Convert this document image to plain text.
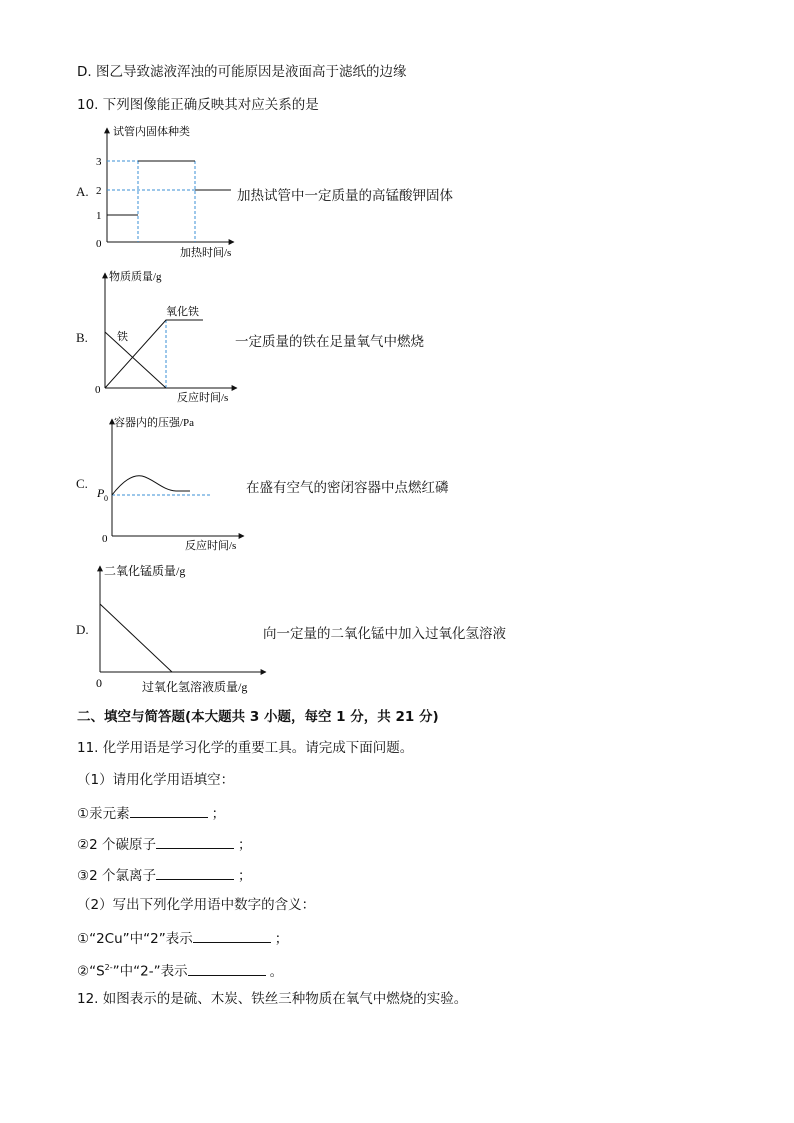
D. 图乙导致滤液浑浊的可能原因是液面高于滤纸的边缘
10. 下列图像能正确反映其对应关系的是
A.
试管内固体种类
加热时间/s
0
1
2
3
加热试管中一定质量的高锰酸钾固体
B.
物质质量/g
反应时间/s
0
铁
氧化铁
一定质量的铁在足量氧气中燃烧
C.
容器内的压强/Pa
反应时间/s
0
P 0
在盛有空气的密闭容器中点燃红磷
D.
二氧化锰质量/g
过氧化氢溶液质量/g
0
向一定量的二氧化锰中加入过氧化氢溶液
二、填空与简答题(本大题共 3 小题，每空 1 分，共 21 分)
11. 化学用语是学习化学的重要工具。请完成下面问题。
（1）请用化学用语填空：
①汞元素	；
②2 个碳原子	；
③2 个氯离子	；
（2）写出下列化学用语中数字的含义：
①“2Cu”中“2”表示	；
$②“S^{2-}$”中“2-”表示	。
12. 如图表示的是硫、木炭、铁丝三种物质在氧气中燃烧的实验。
